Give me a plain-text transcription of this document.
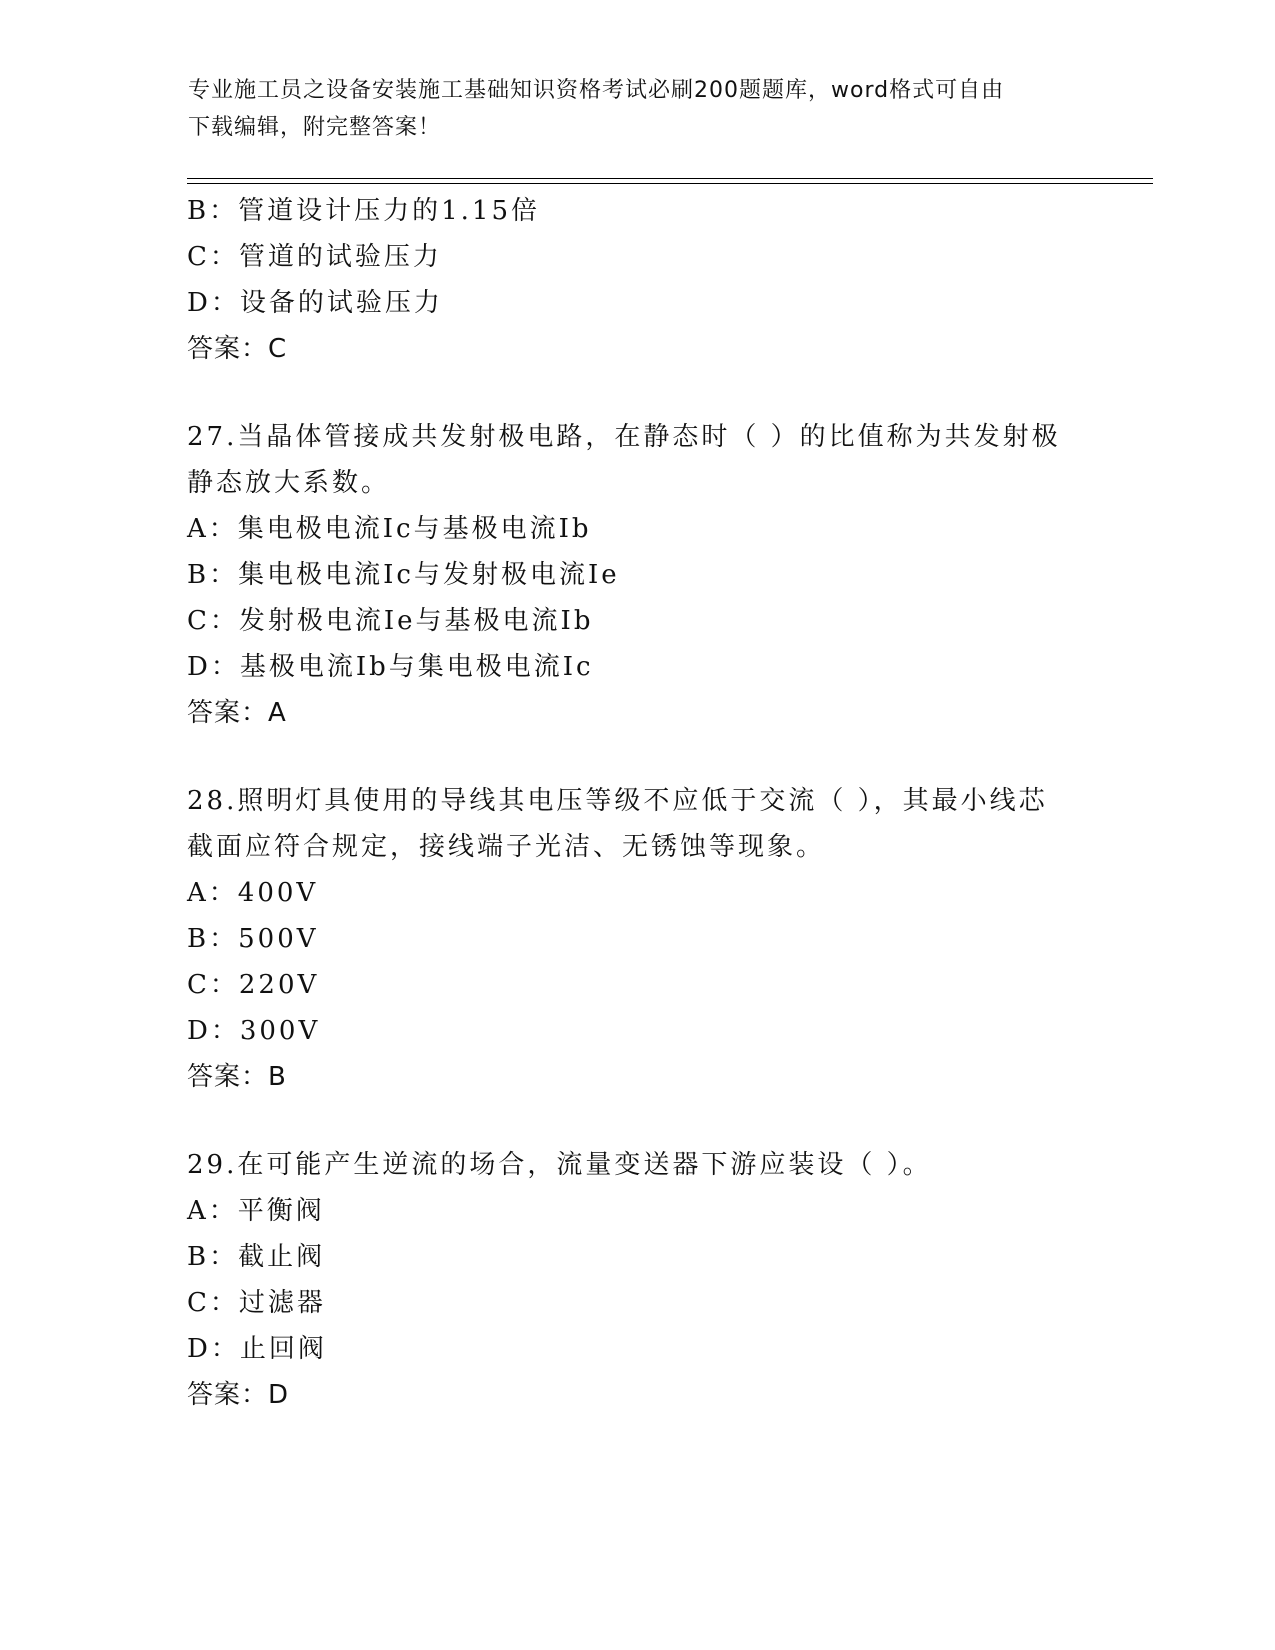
专业施工员之设备安装施工基础知识资格考试必刷200题题库，word格式可自由
下载编辑，附完整答案！
B：管道设计压力的1.15倍
C：管道的试验压力
D：设备的试验压力
答案：C
27.当晶体管接成共发射极电路，在静态时（ ）的比值称为共发射极
静态放大系数。
A：集电极电流Ic与基极电流Ib
B：集电极电流Ic与发射极电流Ie
C：发射极电流Ie与基极电流Ib
D：基极电流Ib与集电极电流Ic
答案：A
28.照明灯具使用的导线其电压等级不应低于交流（ ），其最小线芯
截面应符合规定，接线端子光洁、无锈蚀等现象。
A：400V
B：500V
C：220V
D：300V
答案：B
29.在可能产生逆流的场合，流量变送器下游应装设（ ）。
A：平衡阀
B：截止阀
C：过滤器
D：止回阀
答案：D
